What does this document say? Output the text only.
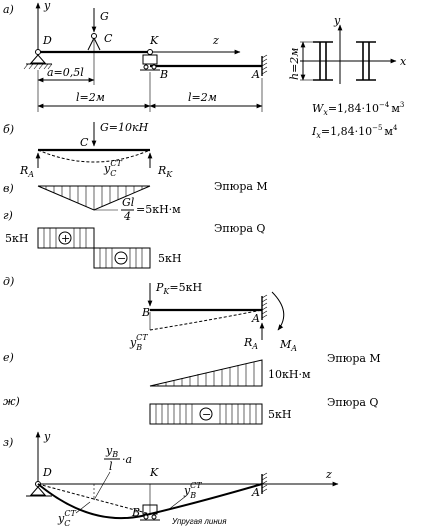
а)	y
z
D
G
C	K
B	A
a=0,5l
l=2м	l=2м
y
x
h=2м
$Wx=1,84\cdot 10^{-4}$ $_м^3$
$Ix=1,84\cdot 10^{-5}$ $_м^4$
б)	G=10кН
RA	RK
C
$y_CСТ$
в)
Gl
4
=5кН·м
Эпюра M
г)
+
−
5кН
5кН
Эпюра Q
д)	PK=5кН
B	A
$y_BСТ$	RA MA
е)
10кН·м
Эпюра M
ж)
−	5кН
Эпюра Q
з)	y
z
D	K
B
A
yB
l
·a
$y_CСТ$
$y_BСТ$
Упругая линия
